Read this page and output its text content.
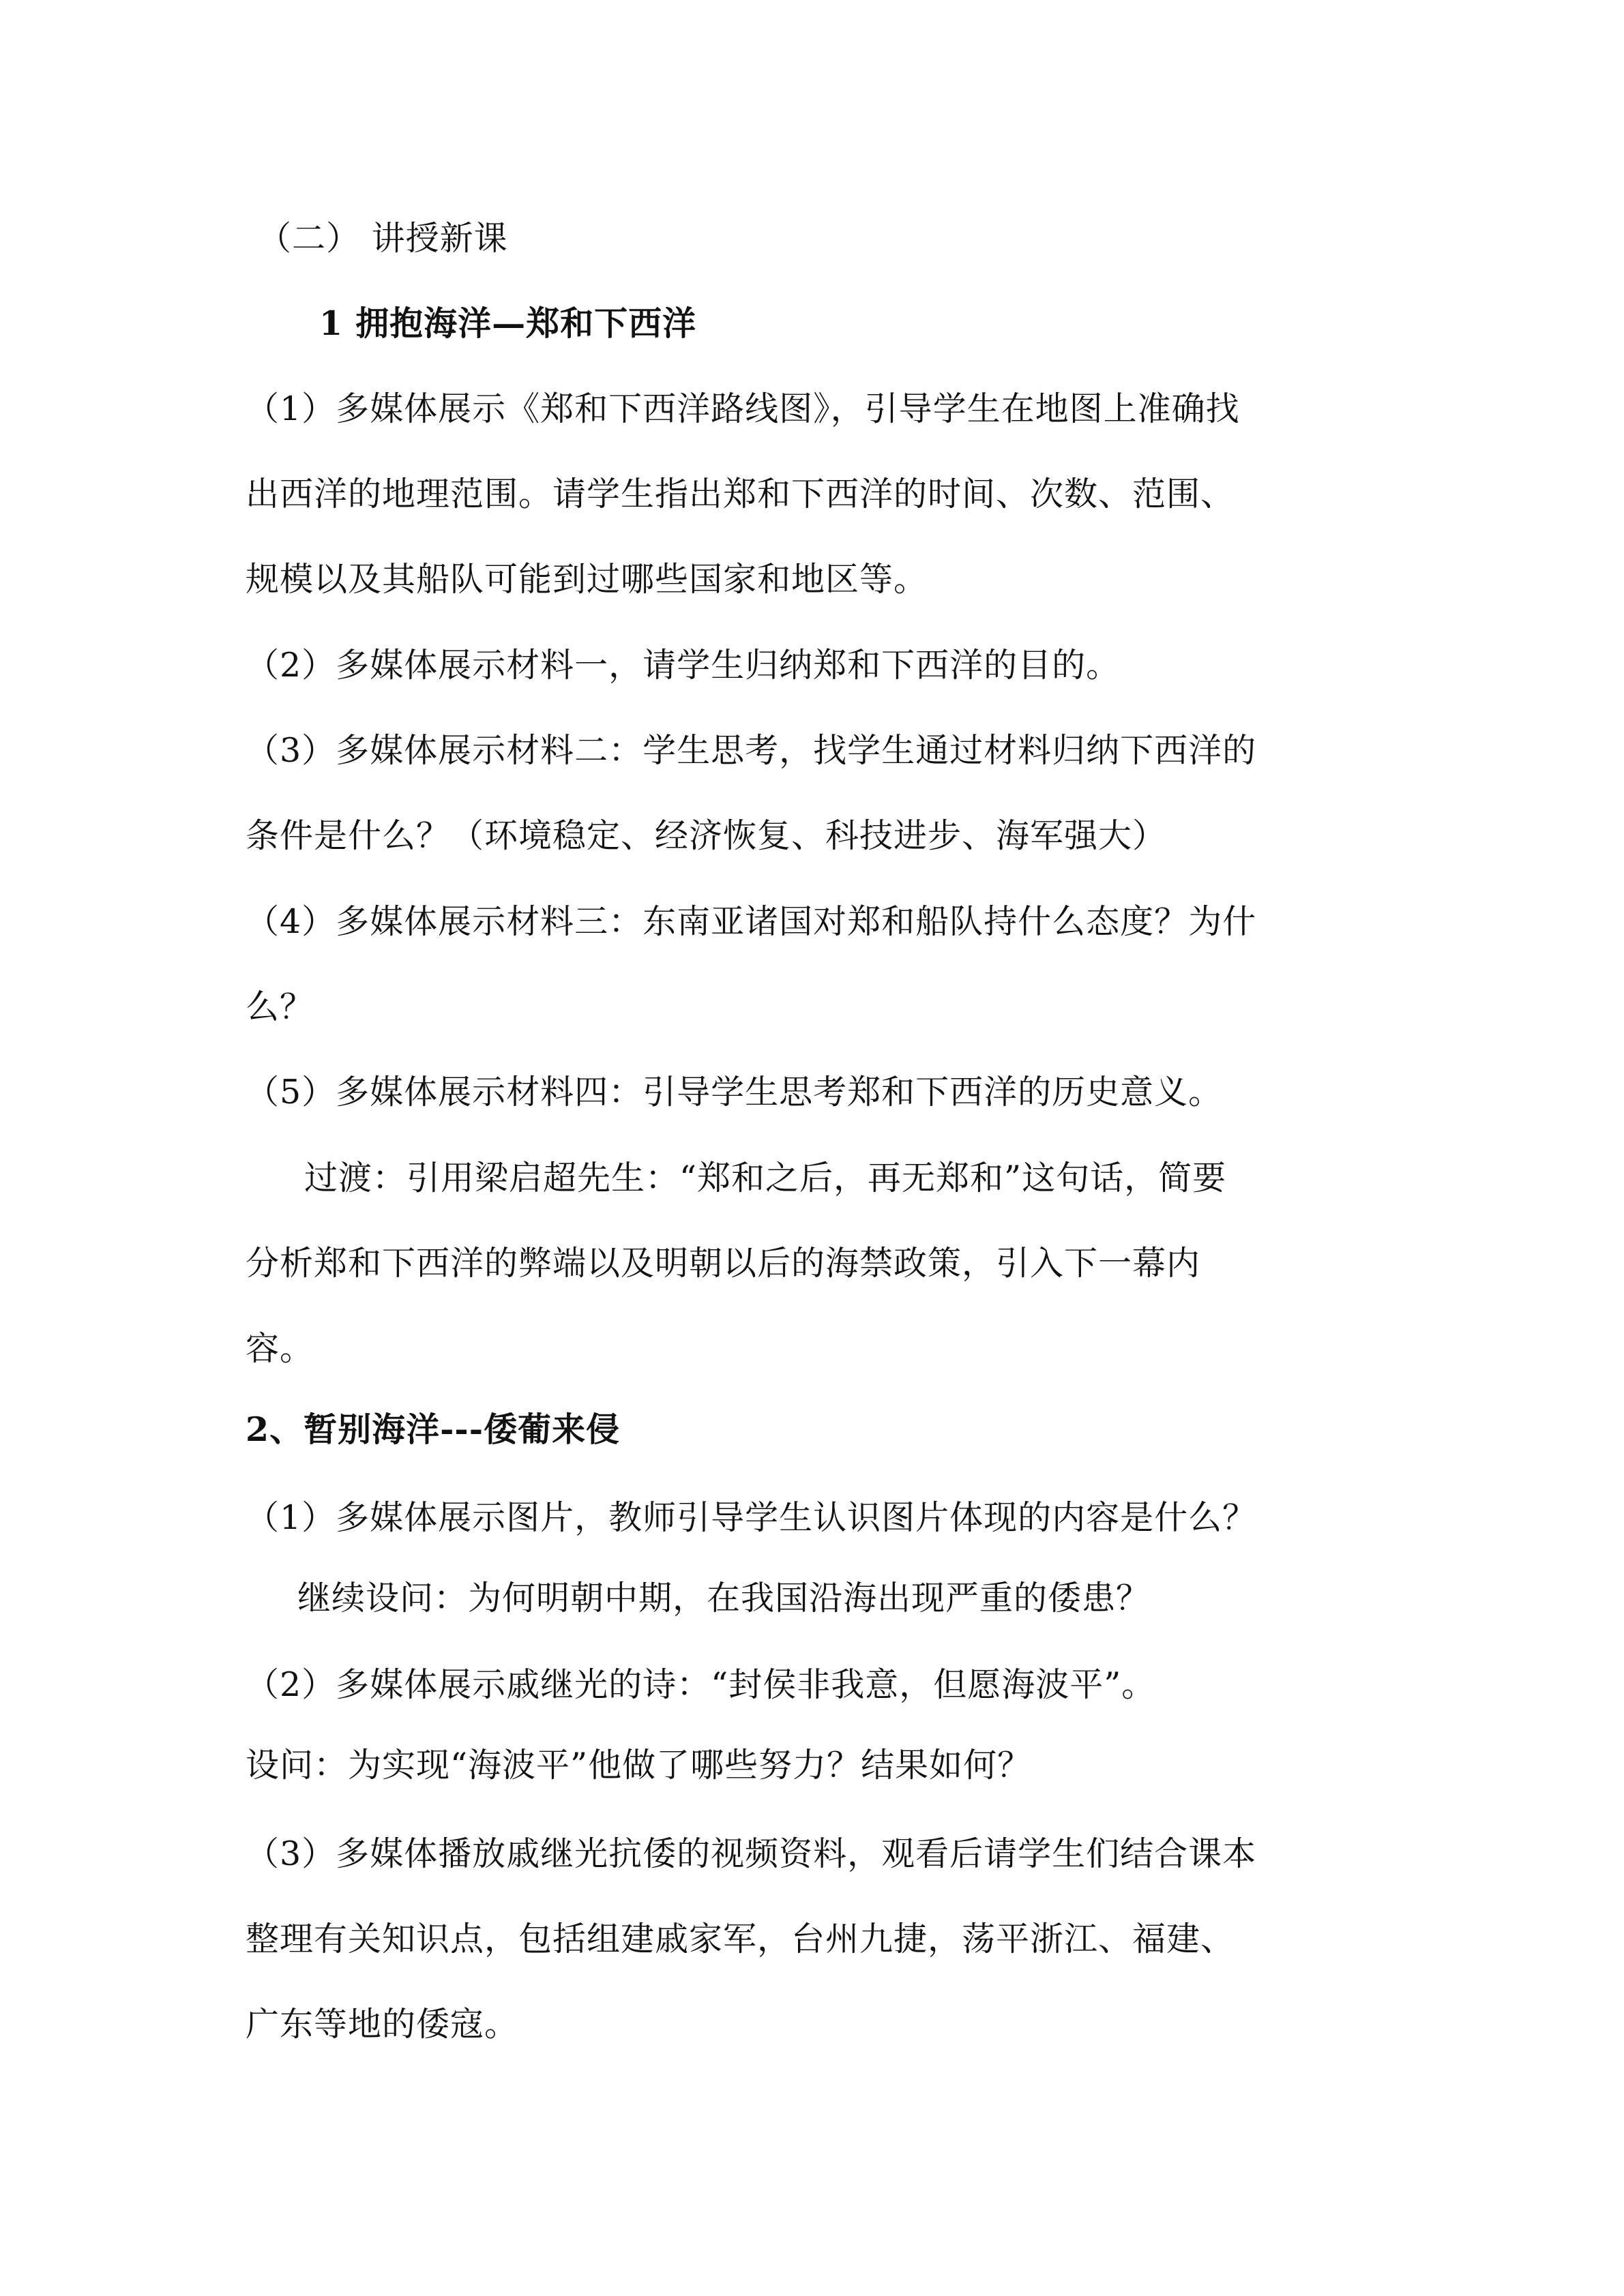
（二） 讲授新课
1 拥抱海洋—郑和下西洋
（1）多媒体展示《郑和下西洋路线图》，引导学生在地图上准确找
出西洋的地理范围。请学生指出郑和下西洋的时间、次数、范围、
规模以及其船队可能到过哪些国家和地区等。
（2）多媒体展示材料一，请学生归纳郑和下西洋的目的。
（3）多媒体展示材料二：学生思考，找学生通过材料归纳下西洋的
条件是什么？（环境稳定、经济恢复、科技进步、海军强大）
（4）多媒体展示材料三：东南亚诸国对郑和船队持什么态度？为什
么？
（5）多媒体展示材料四：引导学生思考郑和下西洋的历史意义。
过渡：引用梁启超先生：“郑和之后，再无郑和”这句话，简要
分析郑和下西洋的弊端以及明朝以后的海禁政策，引入下一幕内
容。
2、暂别海洋---倭葡来侵
（1）多媒体展示图片，教师引导学生认识图片体现的内容是什么？
继续设问：为何明朝中期，在我国沿海出现严重的倭患？
（2）多媒体展示戚继光的诗：“封侯非我意，但愿海波平”。
设问：为实现“海波平”他做了哪些努力？结果如何？
（3）多媒体播放戚继光抗倭的视频资料，观看后请学生们结合课本
整理有关知识点，包括组建戚家军，台州九捷，荡平浙江、福建、
广东等地的倭寇。
